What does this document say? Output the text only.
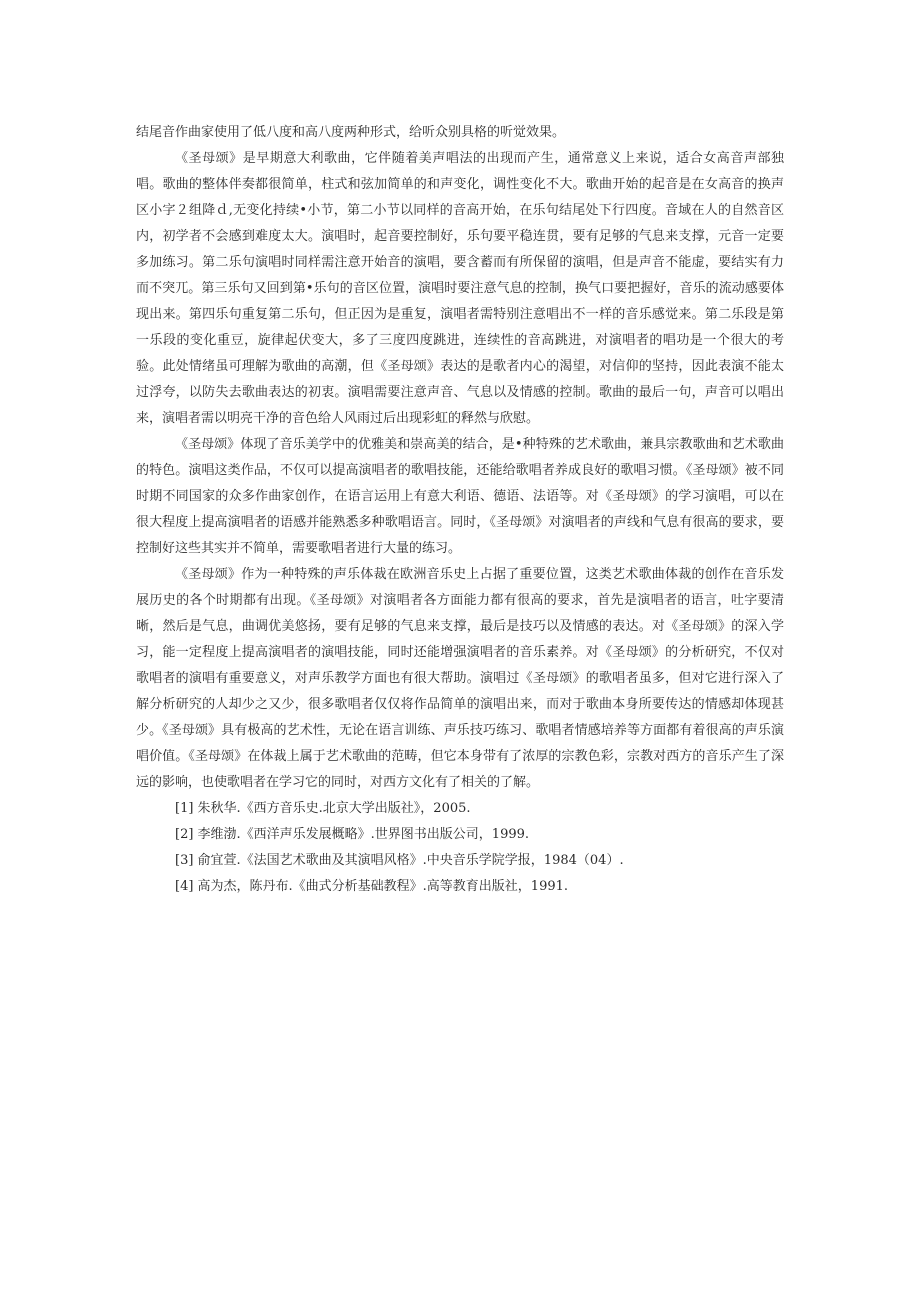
结尾音作曲家使用了低八度和高八度两种形式，给听众别具格的听觉效果。

《圣母颂》是早期意大利歌曲，它伴随着美声唱法的出现而产生，通常意义上来说，适合女高音声部独唱。歌曲的整体伴奏都很简单，柱式和弦加简单的和声变化，调性变化不大。歌曲开始的起音是在女高音的换声区小字２组降ｄ,无变化持续•小节，第二小节以同样的音高开始，在乐句结尾处下行四度。音域在人的自然音区内，初学者不会感到难度太大。演唱时，起音要控制好，乐句要平稳连贯，要有足够的气息来支撑，元音一定要多加练习。第二乐句演唱时同样需注意开始音的演唱，要含蓄而有所保留的演唱，但是声音不能虚，要结实有力而不突兀。第三乐句又回到第•乐句的音区位置，演唱时要注意气息的控制，换气口要把握好，音乐的流动感要体现出来。第四乐句重复第二乐句，但正因为是重复，演唱者需特别注意唱出不一样的音乐感觉来。第二乐段是第一乐段的变化重豆，旋律起伏变大，多了三度四度跳进，连续性的音高跳进，对演唱者的唱功是一个很大的考验。此处情绪虽可理解为歌曲的高潮，但《圣母颂》表达的是歌者内心的渴望，对信仰的坚持，因此表演不能太过浮夸，以防失去歌曲表达的初衷。演唱需要注意声音、气息以及情感的控制。歌曲的最后一句，声音可以唱出来，演唱者需以明亮干净的音色给人风雨过后出现彩虹的释然与欣慰。

《圣母颂》体现了音乐美学中的优雅美和崇高美的结合，是•种特殊的艺术歌曲，兼具宗教歌曲和艺术歌曲的特色。演唱这类作品，不仅可以提高演唱者的歌唱技能，还能给歌唱者养成良好的歌唱习惯。《圣母颂》被不同时期不同国家的众多作曲家创作，在语言运用上有意大利语、德语、法语等。对《圣母颂》的学习演唱，可以在很大程度上提高演唱者的语感并能熟悉多种歌唱语言。同时，《圣母颂》对演唱者的声线和气息有很高的要求，要控制好这些其实并不简单，需要歌唱者进行大量的练习。

《圣母颂》作为一种特殊的声乐体裁在欧洲音乐史上占据了重要位置，这类艺术歌曲体裁的创作在音乐发展历史的各个时期都有出现。《圣母颂》对演唱者各方面能力都有很高的要求，首先是演唱者的语言，吐字要清晰，然后是气息，曲调优美悠扬，要有足够的气息来支撑，最后是技巧以及情感的表达。对《圣母颂》的深入学习，能一定程度上提高演唱者的演唱技能，同时还能增强演唱者的音乐素养。对《圣母颂》的分析研究，不仅对歌唱者的演唱有重要意义，对声乐教学方面也有很大帮助。演唱过《圣母颂》的歌唱者虽多，但对它进行深入了解分析研究的人却少之又少，很多歌唱者仅仅将作品简单的演唱出来，而对于歌曲本身所要传达的情感却体现甚少。《圣母颂》具有极高的艺术性，无论在语言训练、声乐技巧练习、歌唱者情感培养等方面都有着很高的声乐演唱价值。《圣母颂》在体裁上属于艺术歌曲的范畴，但它本身带有了浓厚的宗教色彩，宗教对西方的音乐产生了深远的影响，也使歌唱者在学习它的同时，对西方文化有了相关的了解。

[1] 朱秋华.《西方音乐史.北京大学出版社》，2005.
[2] 李维渤.《西洋声乐发展概略》.世界图书出版公司，1999.
[3] 俞宜萱.《法国艺术歌曲及其演唱风格》.中央音乐学院学报，1984（04）.
[4] 高为杰，陈丹布.《曲式分析基础教程》.高等教育出版社，1991.
